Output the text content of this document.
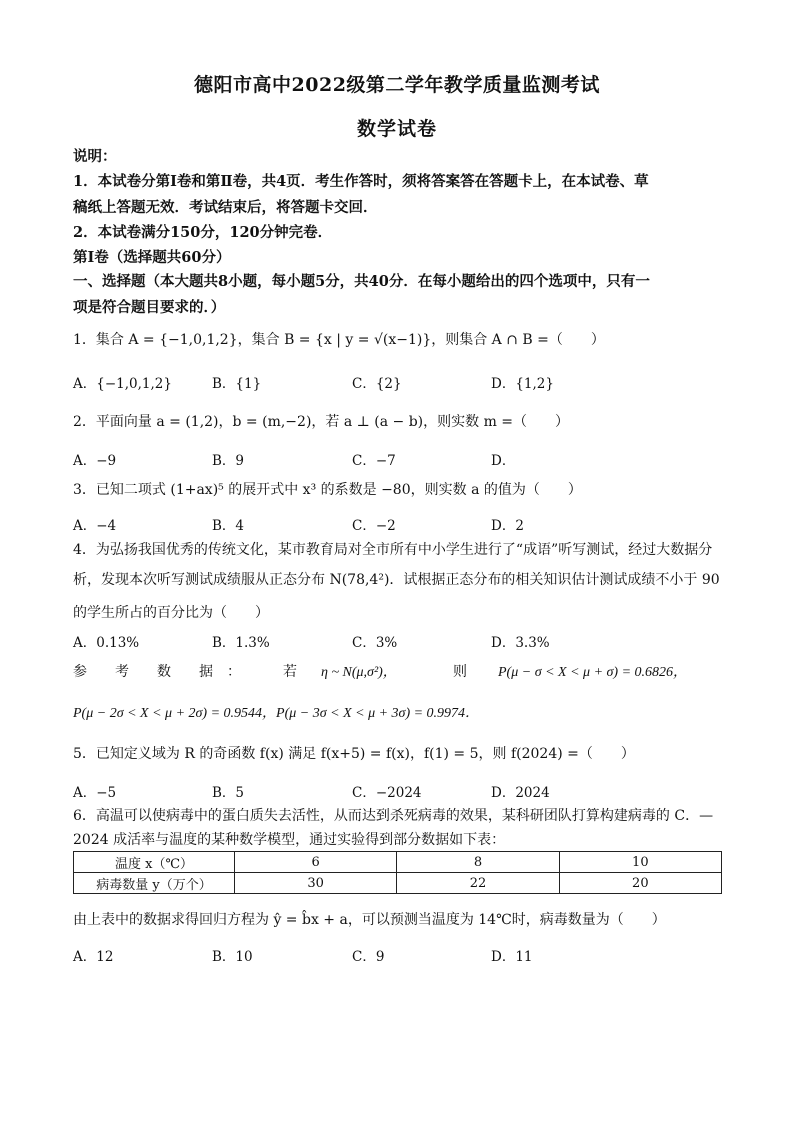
德阳市高中2022级第二学年教学质量监测考试
数学试卷
说明：
1．本试卷分第Ⅰ卷和第Ⅱ卷，共4页．考生作答时，须将答案答在答题卡上，在本试卷、草
稿纸上答题无效．考试结束后，将答题卡交回．
2．本试卷满分150分，120分钟完卷．
第Ⅰ卷（选择题共60分）
一、选择题（本大题共8小题，每小题5分，共40分．在每小题给出的四个选项中，只有一
项是符合题目要求的．）
1．集合 A = {−1,0,1,2}，集合 B = {x | y = √(x−1)}，则集合 A ∩ B =（　　）
A．{−1,0,1,2}	B．{1}	C．{2}	D．{1,2}
2．平面向量 a = (1,2)，b = (m,−2)，若 a ⊥ (a − b)，则实数 m =（　　）
A．−9	B．9	C．−7	D．
3．已知二项式 (1+ax)⁵ 的展开式中 x³ 的系数是 −80，则实数 a 的值为（　　）
A．−4	B．4	C．−2	D．2
4．为弘扬我国优秀的传统文化，某市教育局对全市所有中小学生进行了“成语”听写测试，经过大数据分
析，发现本次听写测试成绩服从正态分布 N(78,4²)．试根据正态分布的相关知识估计测试成绩不小于 90
的学生所占的百分比为（　　）
A．0.13%	B．1.3%	C．3%	D．3.3%
参　　考　　数　　据　：	若 η ~ N(μ,σ²)，	则 P(μ − σ < X < μ + σ) = 0.6826，
P(μ − 2σ < X < μ + 2σ) = 0.9544，P(μ − 3σ < X < μ + 3σ) = 0.9974．
5．已知定义域为 R 的奇函数 f(x) 满足 f(x+5) = f(x)，f(1) = 5，则 f(2024) =（　　）
A．−5	B．5	C．−2024	D．2024
6．高温可以使病毒中的蛋白质失去活性，从而达到杀死病毒的效果，某科研团队打算构建病毒的 C．—
2024 成活率与温度的某种数学模型，通过实验得到部分数据如下表：
温度 x（℃）	6	8	10
病毒数量 y（万个）	30	22	20
由上表中的数据求得回归方程为 ŷ = b̂x + a，可以预测当温度为 14℃时，病毒数量为（　　）
A．12	B．10	C．9	D．11
